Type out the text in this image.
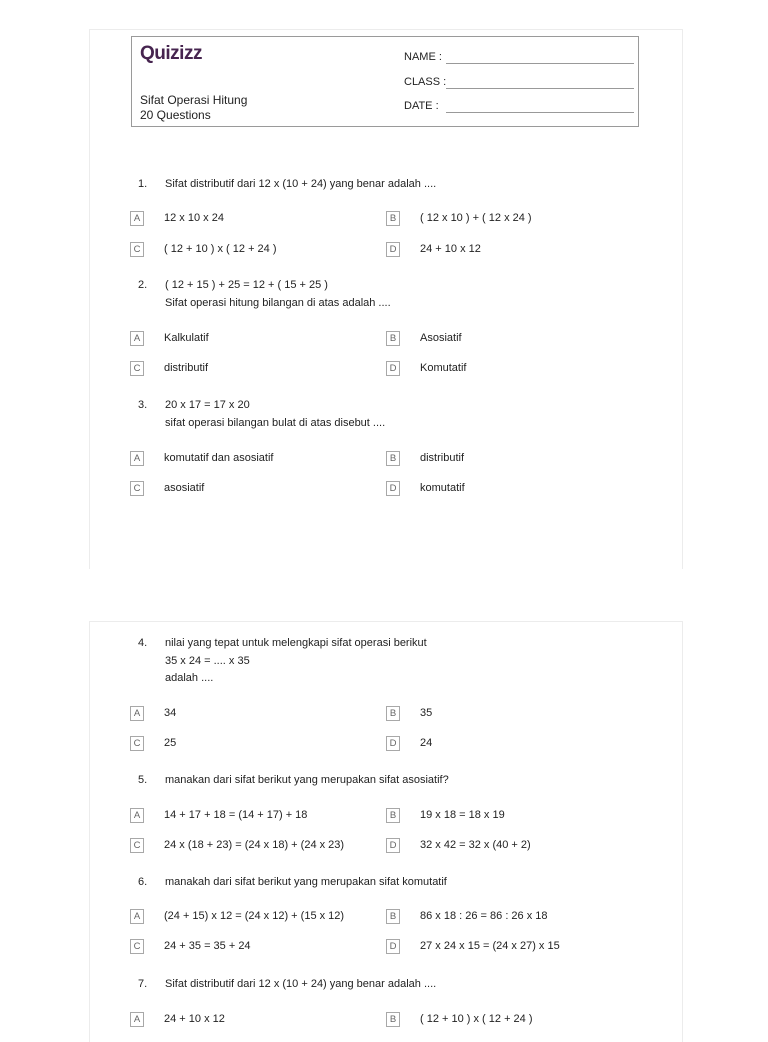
Quizizz
Sifat Operasi Hitung
20 Questions
NAME :
CLASS :
DATE :
1.	Sifat distributif dari 12 x (10 + 24) yang benar adalah ....
A	12 x 10 x 24	B	( 12 x 10 ) + ( 12 x 24 )
C	( 12 + 10 ) x ( 12 + 24 )	D	24 + 10 x 12
2.	( 12 + 15 ) + 25 = 12 + ( 15 + 25 )
Sifat operasi hitung bilangan di atas adalah ....
A	Kalkulatif	B	Asosiatif
C	distributif	D	Komutatif
3.	20 x 17 = 17 x 20
sifat operasi bilangan bulat di atas disebut ....
A	komutatif dan asosiatif	B	distributif
C	asosiatif	D	komutatif
4.	nilai yang tepat untuk melengkapi sifat operasi berikut
35 x 24 = .... x 35
adalah ....
A	34	B	35
C	25	D	24
5.	manakan dari sifat berikut yang merupakan sifat asosiatif?
A	14 + 17 + 18 = (14 + 17) + 18	B	19 x 18 = 18 x 19
C	24 x (18 + 23) = (24 x 18) + (24 x 23)	D	32 x 42 = 32 x (40 + 2)
6.	manakah dari sifat berikut yang merupakan sifat komutatif
A	(24 + 15) x 12 = (24 x 12) + (15 x 12)	B	86 x 18 : 26 = 86 : 26 x 18
C	24 + 35 = 35 + 24	D	27 x 24 x 15 = (24 x 27) x 15
7.	Sifat distributif dari 12 x (10 + 24) yang benar adalah ....
A	24 + 10 x 12	B	( 12 + 10 ) x ( 12 + 24 )
